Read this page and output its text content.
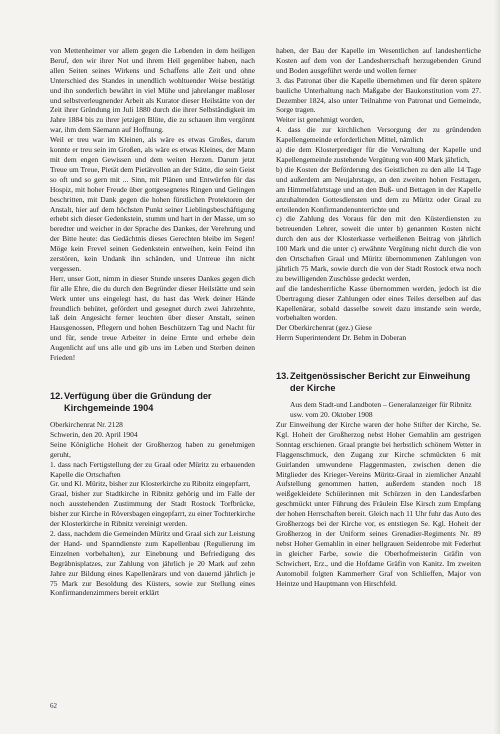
von Mettenheimer vor allem gegen die Lebenden in dem heiligen Beruf, den wir ihrer Not und ihrem Heil gegenüber haben, nach allen Seiten seines Wirkens und Schaffens alle Zeit und ohne Unterschied des Standes in unendlich wohltuender Weise bestätigt und ihn sonderlich bewährt in viel Mühe und jahrelanger maßloser und selbstverleugnender Arbeit als Kurator dieser Heilstätte von der Zeit ihrer Gründung im Juli 1880 durch die ihrer Selbständigkeit im Jahre 1884 bis zu ihrer jetzigen Blüte, die zu schauen ihm vergönnt war, ihm dem Säemann auf Hoffnung.

Weil er treu war im Kleinen, als wäre es etwas Großes, darum konnte er treu sein im Großen, als wäre es etwas Kleines, der Mann mit dem engen Gewissen und dem weiten Herzen. Darum jetzt Treue um Treue, Pietät dem Pietätvollen an der Stätte, die sein Geist so oft und so gern mit ... Sinn, mit Plänen und Entwürfen für das Hospiz, mit hoher Freude über gottgesegnetes Ringen und Gelingen beschritten, mit Dank gegen die hohen fürstlichen Protektoren der Anstalt, hier auf dem höchsten Punkt seiner Lieblingsbeschäftigung erhebt sich dieser Gedenkstein, stumm und hart in der Masse, um so beredter und weicher in der Sprache des Dankes, der Verehrung und der Bitte heute: das Gedächtnis dieses Gerechten bleibe im Segen! Möge kein Frevel seinen Gedenkstein entweihen, kein Feind ihn zerstören, kein Undank ihn schänden, und Untreue ihn nicht vergessen.

Herr, unser Gott, nimm in dieser Stunde unseres Dankes gegen dich für alle Ehre, die du durch den Begründer dieser Heilstätte und sein Werk unter uns eingelegt hast, du hast das Werk deiner Hände freundlich behütet, gefördert und gesegnet durch zwei Jahrzehnte, laß dein Angesicht ferner leuchten über dieser Anstalt, seinen Hausgenossen, Pflegern und hohen Beschützern Tag und Nacht für und für, sende treue Arbeiter in deine Ernte und erhebe dein Augenlicht auf uns alle und gib uns im Leben und Sterben deinen Frieden!

12.Verfügung über die Gründung der
Kirchgemeinde 1904

Oberkirchenrat Nr. 2128

Schwerin, den 20. April 1904

Seine Königliche Hoheit der Großherzog haben zu genehmigen geruht,

1. dass nach Fertigstellung der zu Graal oder Müritz zu erbauenden Kapelle die Ortschaften

Gr. und Kl. Müritz, bisher zur Klosterkirche zu Ribnitz eingepfarrt,

Graal, bisher zur Stadtkirche in Ribnitz gehörig und im Falle der noch ausstehenden Zustimmung der Stadt Rostock Torfbrücke, bisher zur Kirche in Röversbagen eingepfarrt, zu einer Tochterkirche der Klosterkirche in Ribnitz vereinigt werden.

2. dass, nachdem die Gemeinden Müritz und Graal sich zur Leistung der Hand- und Spanndienste zum Kapellenbau (Regulierung im Einzelnen vorbehalten), zur Einebnung und Befriedigung des Begräbnisplatzes, zur Zahlung von jährlich je 20 Mark auf zehn Jahre zur Bildung eines Kapellenärars und von dauernd jährlich je 75 Mark zur Besoldung des Küsters, sowie zur Stellung eines Konfirmandenzimmers bereit erklärt

haben, der Bau der Kapelle im Wesentlichen auf landesherrliche Kosten auf dem von der Landesherrschaft herzugebenden Grund und Boden ausgeführt werde und wollen ferner

3. das Patronat über die Kapelle übernehmen und für deren spätere bauliche Unterhaltung nach Maßgabe der Baukonstitution vom 27. Dezember 1824, also unter Teilnahme von Patronat und Gemeinde, Sorge tragen.

Weiter ist genehmigt worden,

4. dass die zur kirchlichen Versorgung der zu gründenden Kapellengemeinde erforderlichen Mittel, nämlich

a) die dem Klosterprediger für die Verwaltung der Kapelle und Kapellengemeinde zustehende Vergütung von 400 Mark jährlich,

b) die Kosten der Beförderung des Geistlichen zu den alle 14 Tage und außerdem am Neujahrstage, an den zweiten hohen Festtagen, am Himmelfahrtstage und an den Buß- und Bettagen in der Kapelle anzuhaltenden Gottesdiensten und dem zu Müritz oder Graal zu erteilenden Konfirmandenunterrichte und

c) die Zahlung des Voraus für den mit den Küsterdiensten zu betreuenden Lehrer, soweit die unter b) genannten Kosten nicht durch den aus der Klosterkasse verheißenen Beitrag von jährlich 100 Mark und die unter c) erwähnte Vergütung nicht durch die von den Ortschaften Graal und Müritz übernommenen Zahlungen von jährlich 75 Mark, sowie durch die von der Stadt Rostock etwa noch zu bewilligenden Zuschüsse gedeckt werden,

auf die landesherrliche Kasse übernommen werden, jedoch ist die Übertragung dieser Zahlungen oder eines Teiles derselben auf das Kapellenärar, sobald dasselbe soweit dazu imstande sein werde, vorbehalten worden.

Der Oberkirchenrat (gez.) Giese

Herrn Superintendent Dr. Behm in Doberan

13.Zeitgenössischer Bericht zur Einweihung
der Kirche

Aus dem Stadt-und Landboten – Generalanzeiger für Ribnitz usw. vom 20. Oktober 1908

Zur Einweihung der Kirche waren der hohe Stifter der Kirche, Se. Kgl. Hoheit der Großherzog nebst Hoher Gemahlin am gestrigen Sonntag erschienen. Graal prangte bei herbstlich schönem Wetter in Flaggenschmuck, den Zugang zur Kirche schmückten 6 mit Guirlanden umwundene Flaggenmasten, zwischen denen die Mitglieder des Krieger-Vereins Müritz-Graal in ziemlicher Anzahl Aufstellung genommen hatten, außerdem standen noch 18 weißgekleidete Schülerinnen mit Schürzen in den Landesfarben geschmückt unter Führung des Fräulein Else Kirsch zum Empfang der hohen Herrschaften bereit. Gleich nach 11 Uhr fuhr das Auto des Großherzogs bei der Kirche vor, es entstiegen Se. Kgl. Hoheit der Großherzog in der Uniform seines Grenadier-Regiments Nr. 89 nebst Hoher Gemahlin in einer hellgrauen Seidenrobe mit Federhut in gleicher Farbe, sowie die Oberhofmeisterin Gräfin von Schwichert, Erz., und die Hofdame Gräfin von Kanitz. Im zweiten Automobil folgten Kammerherr Graf von Schlieffen, Major von Heintze und Hauptmann von Hirschfeld.

62
